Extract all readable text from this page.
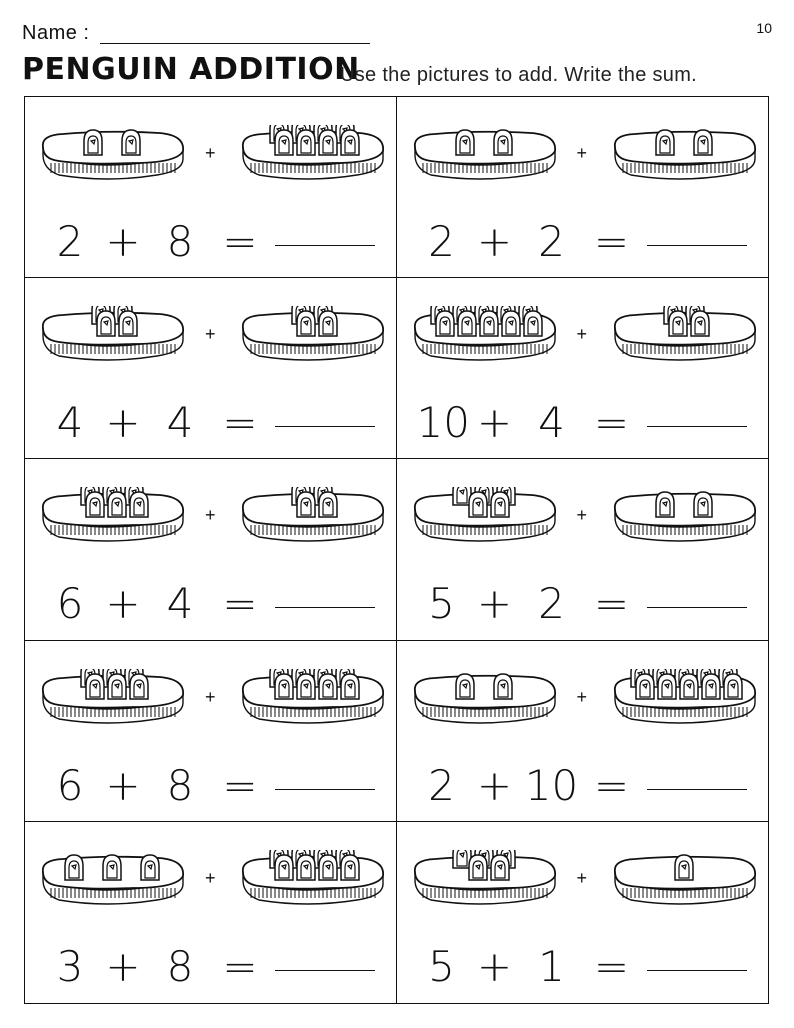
Name :	10
PENGUIN ADDITION
Use the pictures to add. Write the sum.
+
2 + 8 =
+
2 + 2 =
+
4 + 4 =
+
10 + 4 =
+
6 + 4 =
+
5 + 2 =
+
6 + 8 =
+
2 + 10 =
+
3 + 8 =
+
5 + 1 =
